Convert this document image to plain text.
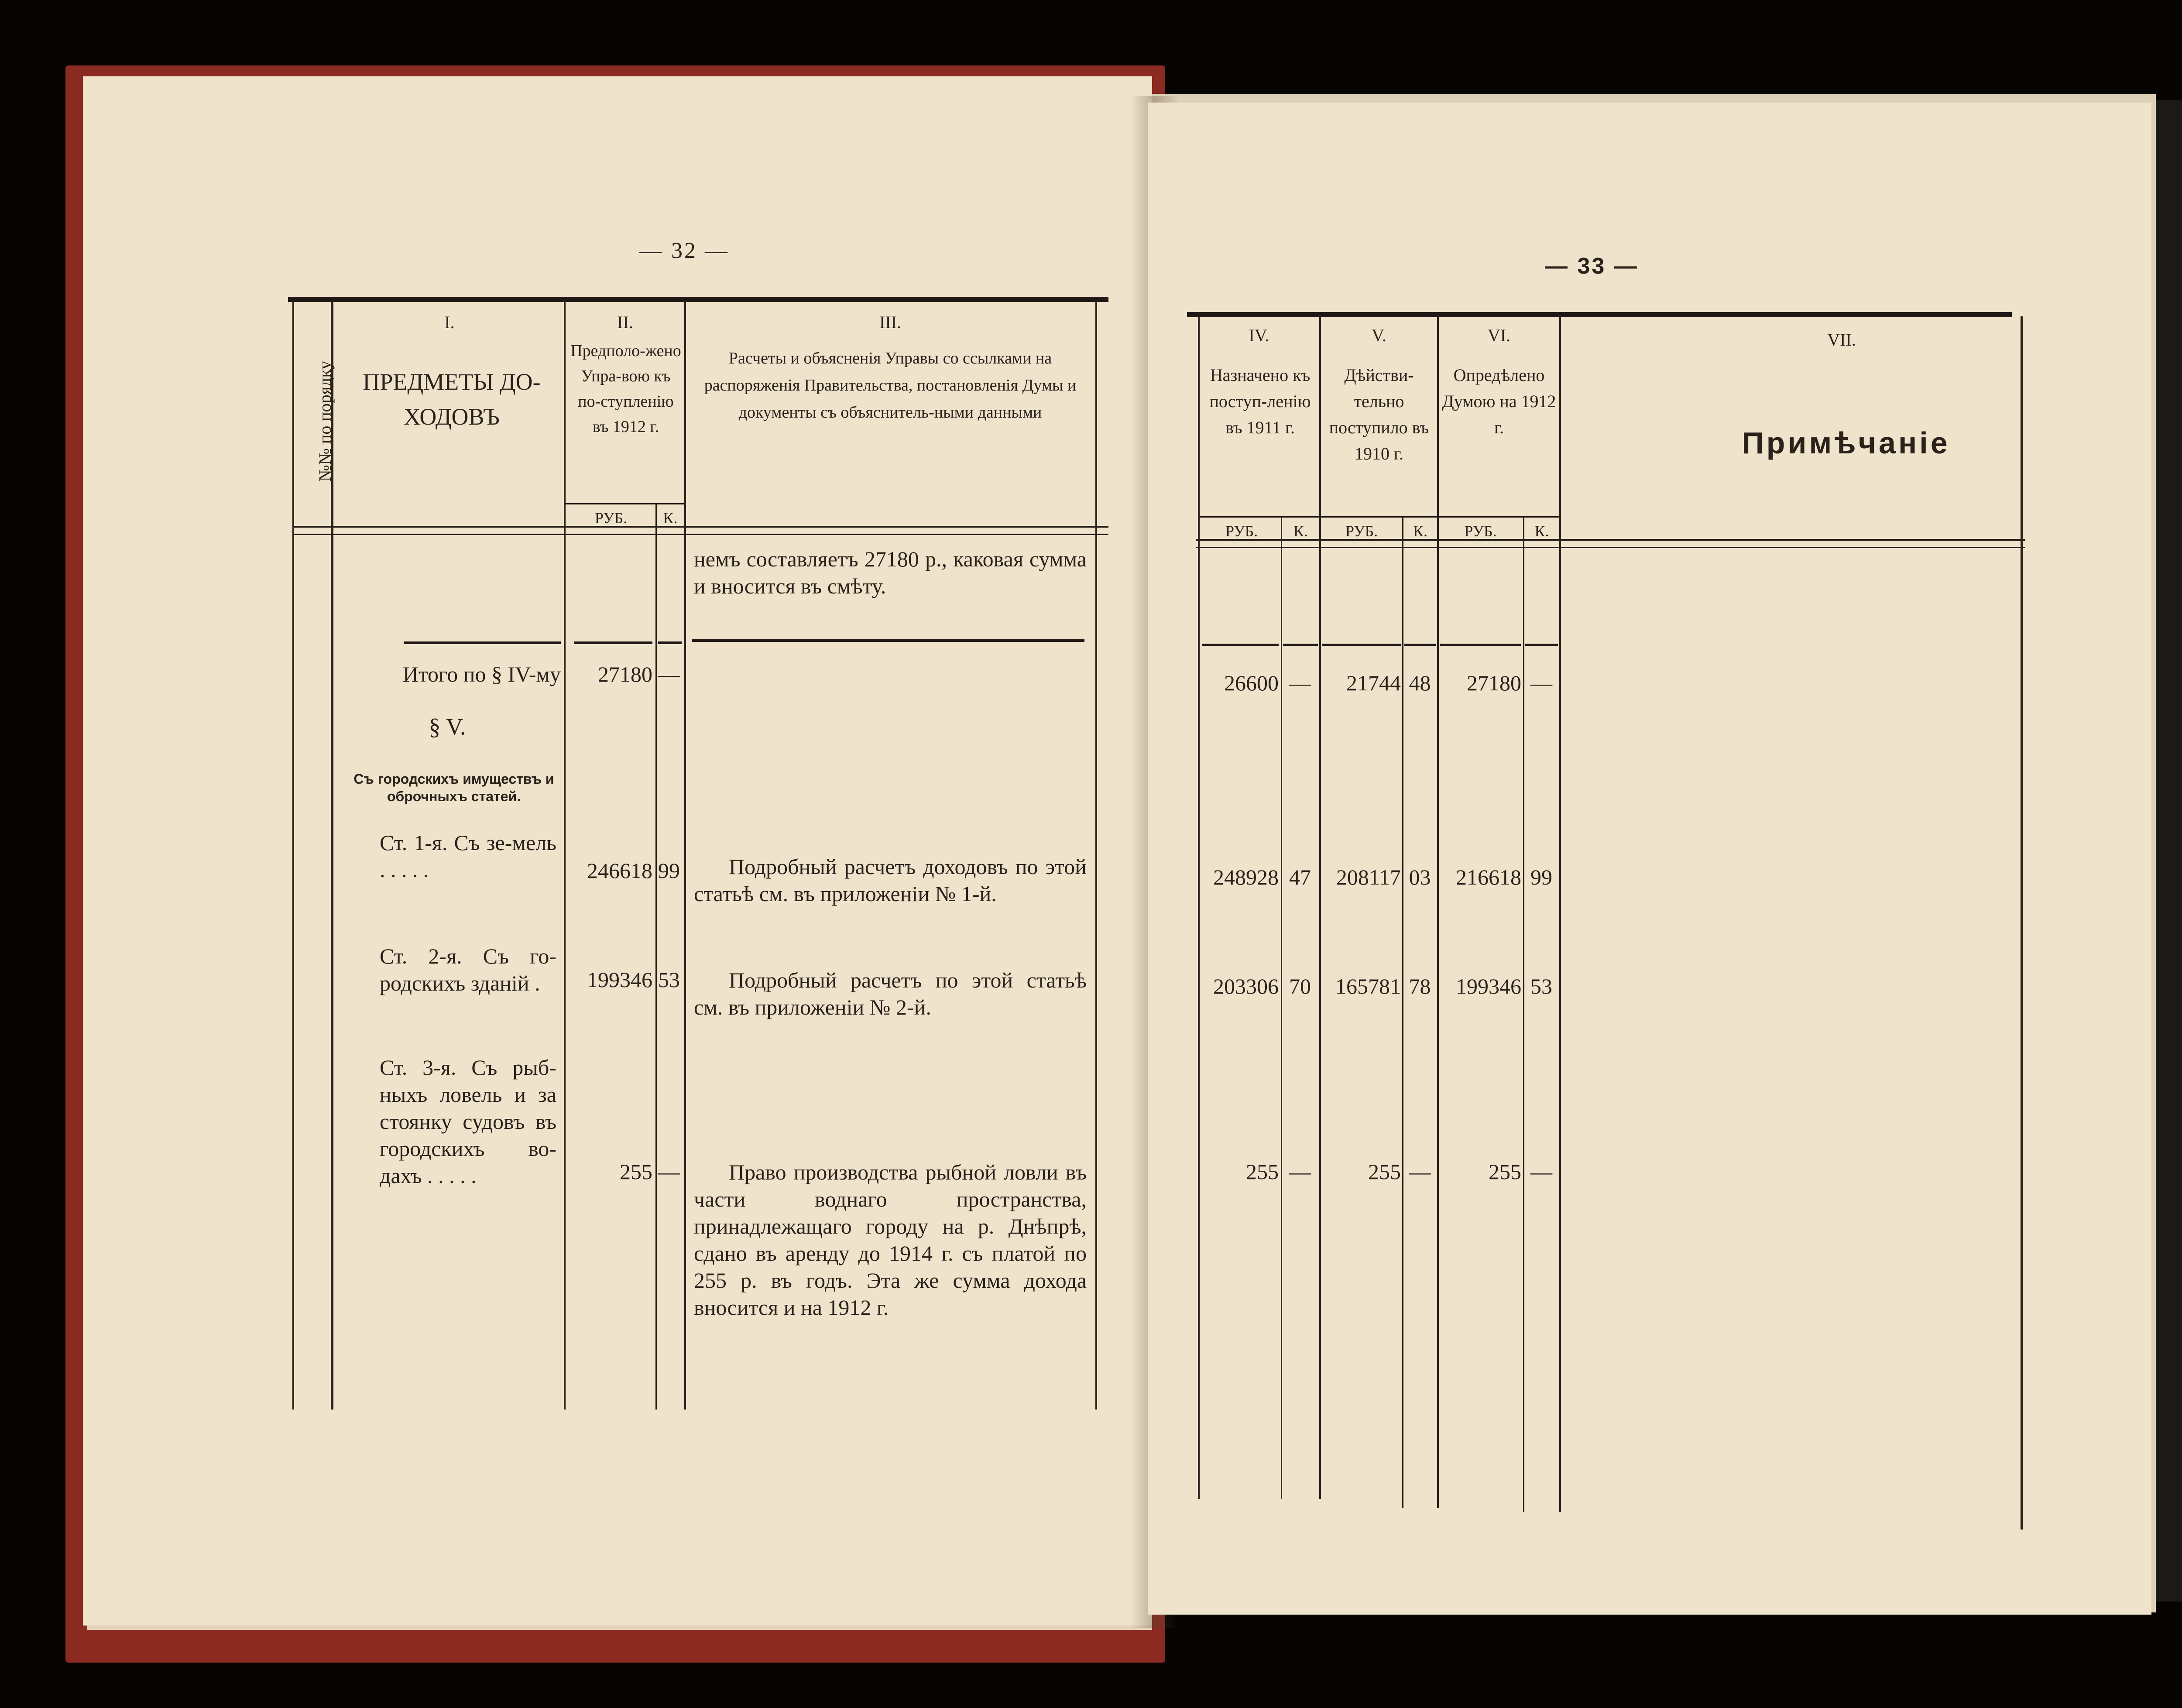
— 32 —
№№ по порядку
I.
ПРЕДМЕТЫ ДО-ХОДОВЪ
II.
Предполо-жено Упра-вою къ по-ступленію въ 1912 г.
РУБ.	К.
III.
Расчеты и объясненія Управы со ссылками на распоряженія Правительства, постановленія Думы и документы съ объяснитель-ными данными
немъ составляетъ 27180 р., каковая сумма и вносится въ смѣту.
Итого по § IV-му	27180 —
§ V.
Съ городскихъ имуществъ и оброчныхъ статей.
Ст. 1-я. Съ зе-мель . . . . .	246618 99	Подробный расчетъ доходовъ по этой статьѣ см. въ приложеніи № 1-й.
Ст. 2-я. Съ го-родскихъ зданій .	199346 53	Подробный расчетъ по этой статьѣ см. въ приложеніи № 2-й.
Ст. 3-я. Съ рыб-ныхъ ловель и за стоянку судовъ въ городскихъ во-дахъ . . . . .	255 —	Право производства рыбной ловли въ части воднаго пространства, принадлежащаго городу на р. Днѣпрѣ, сдано въ аренду до 1914 г. съ платой по 255 р. въ годъ. Эта же сумма дохода вносится и на 1912 г.
— 33 —
IV.
Назначено къ поступ-ленію въ 1911 г.
РУБ.	К.
V.
Дѣйстви-тельно поступило въ 1910 г.
РУБ.	К.
VI.
Опредѣлено Думою на 1912 г.
РУБ.	К.
VII.
Примѣчаніе
26600 —	21744 48	27180 —
248928 47	208117 03	216618 99
203306 70	165781 78	199346 53
255 —	255 —	255 —
